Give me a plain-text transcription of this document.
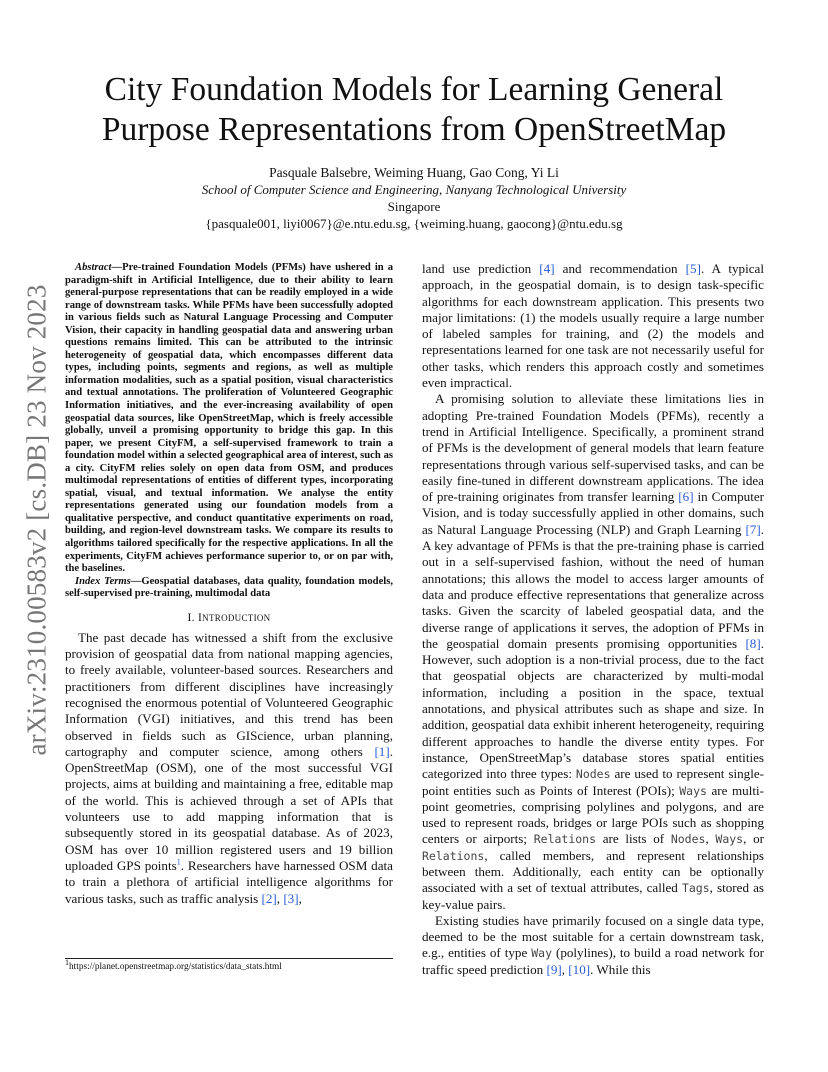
City Foundation Models for Learning General
Purpose Representations from OpenStreetMap
Pasquale Balsebre, Weiming Huang, Gao Cong, Yi Li
School of Computer Science and Engineering, Nanyang Technological University
Singapore
{pasquale001, liyi0067}@e.ntu.edu.sg, {weiming.huang, gaocong}@ntu.edu.sg
arXiv:2310.00583v2 [cs.DB] 23 Nov 2023

Abstract—Pre-trained Foundation Models (PFMs) have ushered in a paradigm-shift in Artificial Intelligence, due to their ability to learn general-purpose representations that can be readily employed in a wide range of downstream tasks. While PFMs have been successfully adopted in various fields such as Natural Language Processing and Computer Vision, their capacity in handling geospatial data and answering urban questions remains limited. This can be attributed to the intrinsic heterogeneity of geospatial data, which encompasses different data types, including points, segments and regions, as well as multiple information modalities, such as a spatial position, visual characteristics and textual annotations. The proliferation of Volunteered Geographic Information initiatives, and the ever-increasing availability of open geospatial data sources, like OpenStreetMap, which is freely accessible globally, unveil a promising opportunity to bridge this gap. In this paper, we present CityFM, a self-supervised framework to train a foundation model within a selected geographical area of interest, such as a city. CityFM relies solely on open data from OSM, and produces multimodal representations of entities of different types, incorporating spatial, visual, and textual information. We analyse the entity representations generated using our foundation models from a qualitative perspective, and conduct quantitative experiments on road, building, and region-level downstream tasks. We compare its results to algorithms tailored specifically for the respective applications. In all the experiments, CityFM achieves performance superior to, or on par with, the baselines.

Index Terms—Geospatial databases, data quality, foundation models, self-supervised pre-training, multimodal data

I. INTRODUCTION

The past decade has witnessed a shift from the exclusive provision of geospatial data from national mapping agencies, to freely available, volunteer-based sources. Researchers and practitioners from different disciplines have increasingly recognised the enormous potential of Volunteered Geographic Information (VGI) initiatives, and this trend has been observed in fields such as GIScience, urban planning, cartography and computer science, among others [1]. OpenStreetMap (OSM), one of the most successful VGI projects, aims at building and maintaining a free, editable map of the world. This is achieved through a set of APIs that volunteers use to add mapping information that is subsequently stored in its geospatial database. As of 2023, OSM has over 10 million registered users and 19 billion uploaded GPS points$^1$. Researchers have harnessed OSM data to train a plethora of artificial intelligence algorithms for various tasks, such as traffic analysis [2], [3],

$^1$https://planet.openstreetmap.org/statistics/data_stats.html

land use prediction [4] and recommendation [5]. A typical approach, in the geospatial domain, is to design task-specific algorithms for each downstream application. This presents two major limitations: (1) the models usually require a large number of labeled samples for training, and (2) the models and representations learned for one task are not necessarily useful for other tasks, which renders this approach costly and sometimes even impractical.

A promising solution to alleviate these limitations lies in adopting Pre-trained Foundation Models (PFMs), recently a trend in Artificial Intelligence. Specifically, a prominent strand of PFMs is the development of general models that learn feature representations through various self-supervised tasks, and can be easily fine-tuned in different downstream applications. The idea of pre-training originates from transfer learning [6] in Computer Vision, and is today successfully applied in other domains, such as Natural Language Processing (NLP) and Graph Learning [7]. A key advantage of PFMs is that the pre-training phase is carried out in a self-supervised fashion, without the need of human annotations; this allows the model to access larger amounts of data and produce effective representations that generalize across tasks. Given the scarcity of labeled geospatial data, and the diverse range of applications it serves, the adoption of PFMs in the geospatial domain presents promising opportunities [8]. However, such adoption is a non-trivial process, due to the fact that geospatial objects are characterized by multi-modal information, including a position in the space, textual annotations, and physical attributes such as shape and size. In addition, geospatial data exhibit inherent heterogeneity, requiring different approaches to handle the diverse entity types. For instance, OpenStreetMap’s database stores spatial entities categorized into three types: Nodes are used to represent single-point entities such as Points of Interest (POIs); Ways are multi-point geometries, comprising polylines and polygons, and are used to represent roads, bridges or large POIs such as shopping centers or airports; Relations are lists of Nodes, Ways, or Relations, called members, and represent relationships between them. Additionally, each entity can be optionally associated with a set of textual attributes, called Tags, stored as key-value pairs.

Existing studies have primarily focused on a single data type, deemed to be the most suitable for a certain downstream task, e.g., entities of type Way (polylines), to build a road network for traffic speed prediction [9], [10]. While this
